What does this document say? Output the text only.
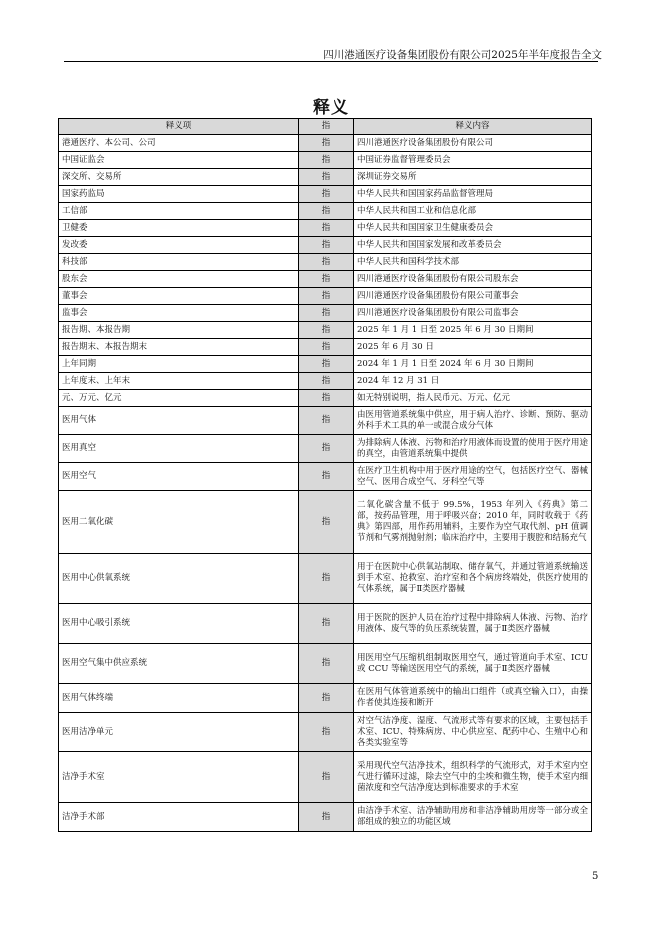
四川港通医疗设备集团股份有限公司2025年半年度报告全文
释义
释义项	指	释义内容
港通医疗、本公司、公司	指	四川港通医疗设备集团股份有限公司
中国证监会	指	中国证券监督管理委员会
深交所、交易所	指	深圳证券交易所
国家药监局	指	中华人民共和国国家药品监督管理局
工信部	指	中华人民共和国工业和信息化部
卫健委	指	中华人民共和国国家卫生健康委员会
发改委	指	中华人民共和国国家发展和改革委员会
科技部	指	中华人民共和国科学技术部
股东会	指	四川港通医疗设备集团股份有限公司股东会
董事会	指	四川港通医疗设备集团股份有限公司董事会
监事会	指	四川港通医疗设备集团股份有限公司监事会
报告期、本报告期	指	2025 年 1 月 1 日至 2025 年 6 月 30 日期间
报告期末、本报告期末	指	2025 年 6 月 30 日
上年同期	指	2024 年 1 月 1 日至 2024 年 6 月 30 日期间
上年度末、上年末	指	2024 年 12 月 31 日
元、万元、亿元	指	如无特别说明，指人民币元、万元、亿元
医用气体	指	由医用管道系统集中供应，用于病人治疗、诊断、预防、驱动外科手术工具的单一或混合成分气体
医用真空	指	为排除病人体液、污物和治疗用液体而设置的使用于医疗用途的真空，由管道系统集中提供
医用空气	指	在医疗卫生机构中用于医疗用途的空气，包括医疗空气、器械空气、医用合成空气、牙科空气等
医用二氧化碳	指	二氧化碳含量不低于 99.5%，1953 年列入《药典》第二部，按药品管理，用于呼吸兴奋；2010 年，同时收载于《药典》第四部，用作药用辅料，主要作为空气取代剂、pH 值调节剂和气雾剂抛射剂；临床治疗中，主要用于腹腔和结肠充气
医用中心供氧系统	指	用于在医院中心供氧站制取、储存氧气，并通过管道系统输送到手术室、抢救室、治疗室和各个病房终端处，供医疗使用的气体系统，属于Ⅱ类医疗器械
医用中心吸引系统	指	用于医院的医护人员在治疗过程中排除病人体液、污物、治疗用液体、废气等的负压系统装置，属于Ⅱ类医疗器械
医用空气集中供应系统	指	用医用空气压缩机组制取医用空气，通过管道向手术室、ICU 或 CCU 等输送医用空气的系统，属于Ⅱ类医疗器械
医用气体终端	指	在医用气体管道系统中的输出口组件（或真空输入口），由操作者使其连接和断开
医用洁净单元	指	对空气洁净度、湿度、气流形式等有要求的区域，主要包括手术室、ICU、特殊病房、中心供应室、配药中心、生殖中心和各类实验室等
洁净手术室	指	采用现代空气洁净技术，组织科学的气流形式，对手术室内空气进行循环过滤，除去空气中的尘埃和微生物，使手术室内细菌浓度和空气洁净度达到标准要求的手术室
洁净手术部	指	由洁净手术室、洁净辅助用房和非洁净辅助用房等一部分或全部组成的独立的功能区域
5
